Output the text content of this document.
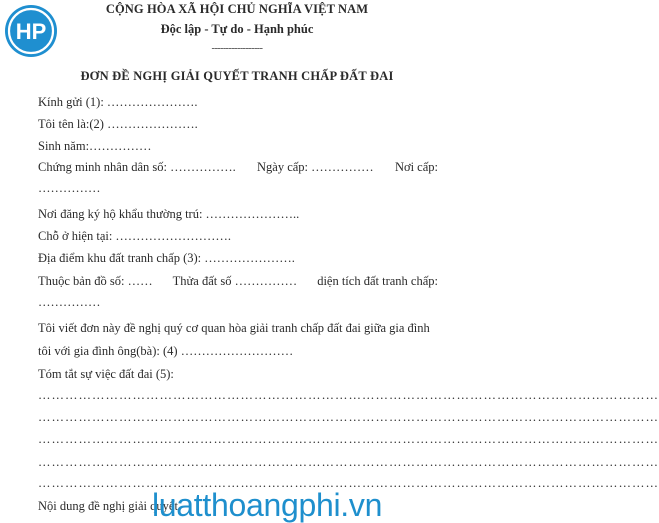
HP
CỘNG HÒA XÃ HỘI CHỦ NGHĨA VIỆT NAM
Độc lập - Tự do - Hạnh phúc
------------------
ĐƠN ĐỀ NGHỊ GIẢI QUYẾT TRANH CHẤP ĐẤT ĐAI
Kính gửi (1): ………………….
Tôi tên là:(2) ………………….
Sinh năm:……………
Chứng minh nhân dân số: ……………. Ngày cấp: …………… Nơi cấp:
……………
Nơi đăng ký hộ khẩu thường trú: …………………..
Chỗ ở hiện tại: ……………………….
Địa điểm khu đất tranh chấp (3): ………………….
Thuộc bản đồ số: …… Thửa đất số …………… diện tích đất tranh chấp:
……………
Tôi viết đơn này đề nghị quý cơ quan hòa giải tranh chấp đất đai giữa gia đình
tôi với gia đình ông(bà): (4) ………………………
Tóm tắt sự việc đất đai (5):
…………………………………………………………………………………………………………………………
…………………………………………………………………………………………………………………………
…………………………………………………………………………………………………………………………
…………………………………………………………………………………………………………………………
…………………………………………………………………………………………………………………………
Nội dung đề nghị giải quyết
luatthoangphi.vn
